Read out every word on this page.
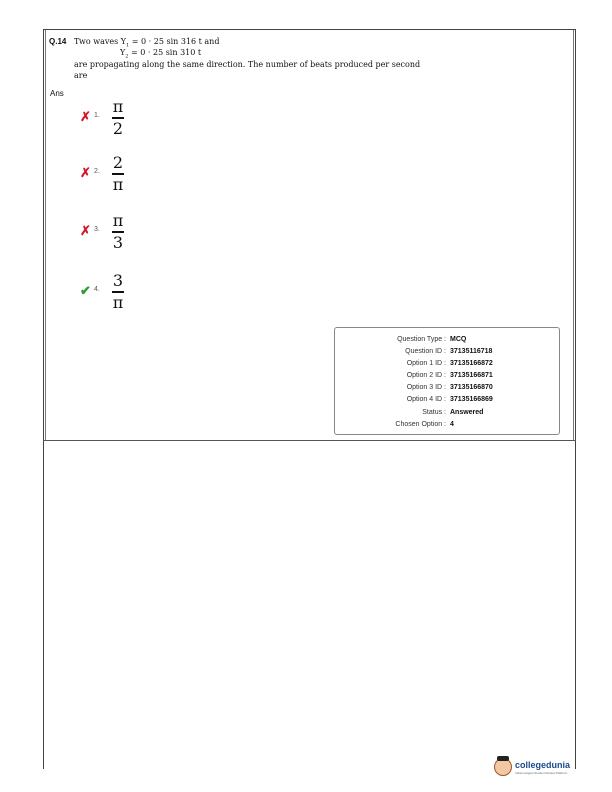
Q.14 Two waves $Y_1 = 0 \cdot 25$ sin 316 t and
$Y_2 = 0 \cdot 25$ sin 310 t
are propagating along the same direction. The number of beats produced per second
are
Ans
✗ 1. π
2
✗ 2. 2
π
✗ 3. π
3
✔ 4. 3
π
Question Type : MCQ
Question ID : 37135116718
Option 1 ID : 37135166872
Option 2 ID : 37135166871
Option 3 ID : 37135166870
Option 4 ID : 37135166869
Status : Answered
Chosen Option : 4
collegedunia
India's largest Student Review Platform
